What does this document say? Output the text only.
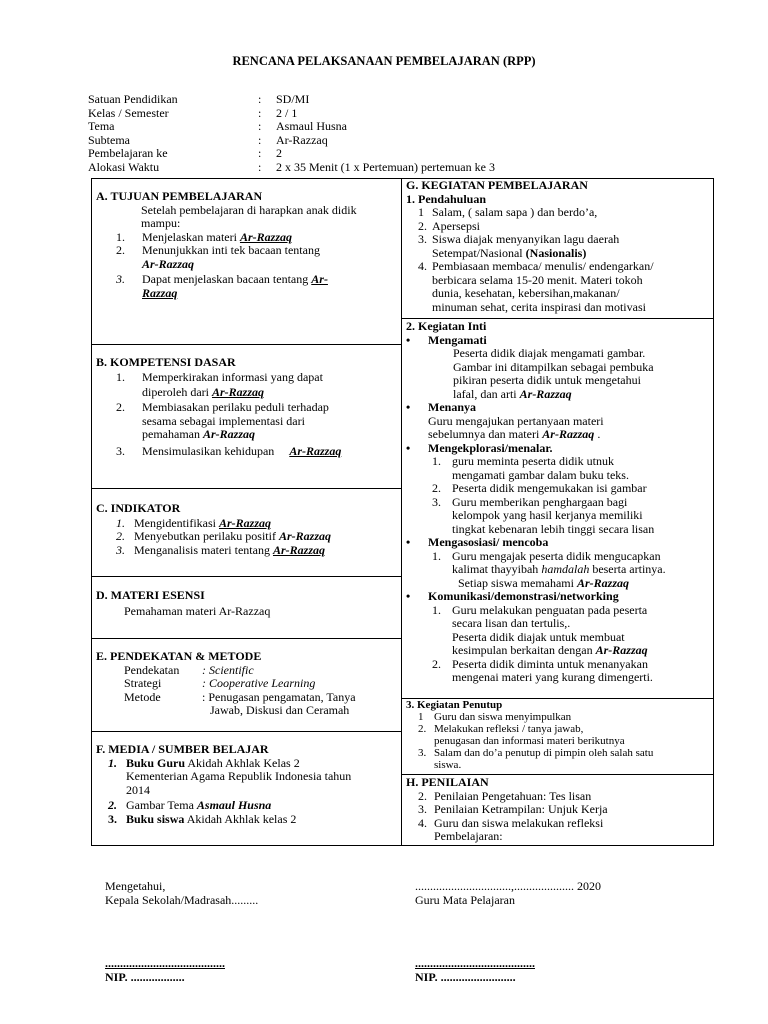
RENCANA PELAKSANAAN PEMBELAJARAN (RPP)
Satuan Pendidikan	:	SD/MI
Kelas / Semester	:	2 / 1
Tema	:	Asmaul Husna
Subtema	:	Ar-Razzaq
Pembelajaran ke	:	2
Alokasi Waktu	:	2 x 35 Menit (1 x Pertemuan) pertemuan ke 3
A. TUJUAN PEMBELAJARAN
Setelah pembelajaran di harapkan anak didik
mampu:
1.	Menjelaskan materi Ar-Razzaq
2.	Menunjukkan inti tek bacaan tentang
Ar-Razzaq
3.	Dapat menjelaskan bacaan tentang Ar-
Razzaq
B. KOMPETENSI DASAR
1.	Memperkirakan informasi yang dapat
diperoleh dari Ar-Razzaq
2.	Membiasakan perilaku peduli terhadap
sesama sebagai implementasi dari
pemahaman Ar-Razzaq
3.	Mensimulasikan kehidupan Ar-Razzaq
C. INDIKATOR
1. Mengidentifikasi Ar-Razzaq
2. Menyebutkan perilaku positif Ar-Razzaq
3. Menganalisis materi tentang Ar-Razzaq
D. MATERI ESENSI
Pemahaman materi Ar-Razzaq
E. PENDEKATAN & METODE
Pendekatan	: Scientific
Strategi	: Cooperative Learning
Metode	: Penugasan pengamatan, Tanya
Jawab, Diskusi dan Ceramah
F. MEDIA / SUMBER BELAJAR
1. Buku Guru Akidah Akhlak Kelas 2
Kementerian Agama Republik Indonesia tahun
2014
2. Gambar Tema Asmaul Husna
3. Buku siswa Akidah Akhlak kelas 2
G. KEGIATAN PEMBELAJARAN
1. Pendahuluan
1 Salam, ( salam sapa ) dan berdo’a,
2. Apersepsi
3. Siswa diajak menyanyikan lagu daerah
Setempat/Nasional (Nasionalis)
4. Pembiasaan membaca/ menulis/ endengarkan/
berbicara selama 15-20 menit. Materi tokoh
dunia, kesehatan, kebersihan,makanan/
minuman sehat, cerita inspirasi dan motivasi
2. Kegiatan Inti
•	Mengamati
Peserta didik diajak mengamati gambar.
Gambar ini ditampilkan sebagai pembuka
pikiran peserta didik untuk mengetahui
lafal, dan arti Ar-Razzaq
•	Menanya
Guru mengajukan pertanyaan materi
sebelumnya dan materi Ar-Razzaq .
•	Mengekplorasi/menalar.
1. guru meminta peserta didik utnuk
mengamati gambar dalam buku teks.
2. Peserta didik mengemukakan isi gambar
3. Guru memberikan penghargaan bagi
kelompok yang hasil kerjanya memiliki
tingkat kebenaran lebih tinggi secara lisan
•	Mengasosiasi/ mencoba
1. Guru mengajak peserta didik mengucapkan
kalimat thayyibah hamdalah beserta artinya.
Setiap siswa memahami Ar-Razzaq
•	Komunikasi/demonstrasi/networking
1. Guru melakukan penguatan pada peserta
secara lisan dan tertulis,.
Peserta didik diajak untuk membuat
kesimpulan berkaitan dengan Ar-Razzaq
2. Peserta didik diminta untuk menanyakan
mengenai materi yang kurang dimengerti.
3. Kegiatan Penutup
1 Guru dan siswa menyimpulkan
2. Melakukan refleksi / tanya jawab,
penugasan dan informasi materi berikutnya
3. Salam dan do’a penutup di pimpin oleh salah satu
siswa.
H. PENILAIAN
2. Penilaian Pengetahuan: Tes lisan
3. Penilaian Ketrampilan: Unjuk Kerja
4. Guru dan siswa melakukan refleksi
Pembelajaran:
Mengetahui,
Kepala Sekolah/Madrasah.........
................................,.................... 2020
Guru Mata Pelajaran
........................................
NIP. ..................
........................................
NIP. .........................
